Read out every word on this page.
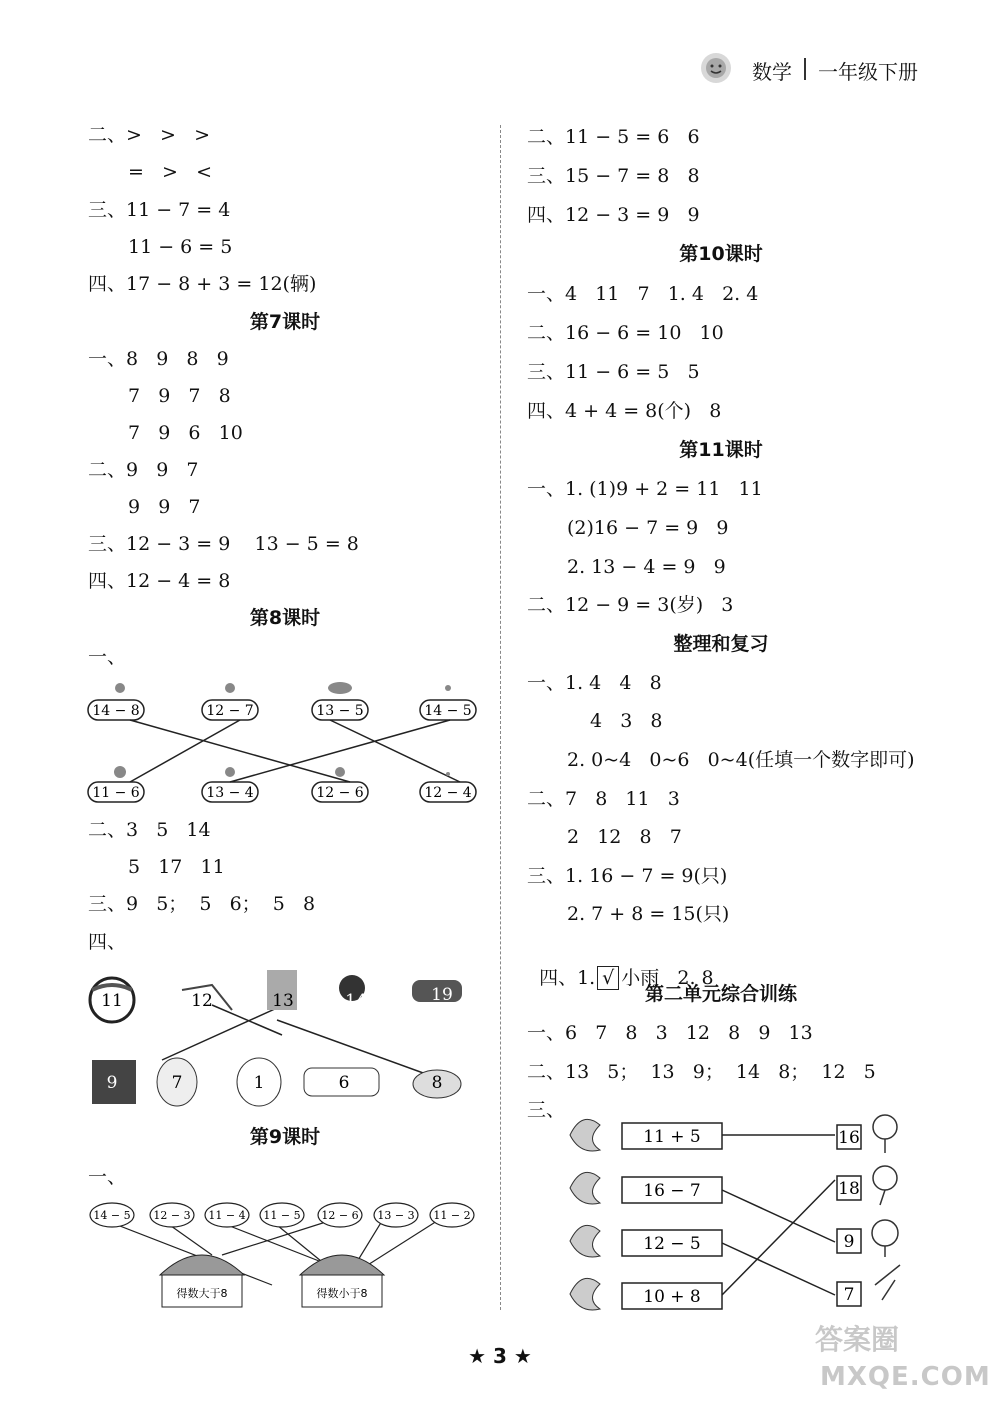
数学 一年级下册
二、>   >   >
=   >   <
三、11 − 7 = 4
11 − 6 = 5
四、17 − 8 + 3 = 12(辆)
第7课时
一、8   9   8   9
7   9   7   8
7   9   6   10
二、9   9   7
9   9   7
三、12 − 3 = 9    13 − 5 = 8
四、12 − 4 = 8
第8课时
一、
14 − 8	12 − 7	13 − 5	14 − 5
11 − 6	13 − 4	12 − 6	12 − 4
二、3   5   14
5   17   11
三、9   5；  5   6；  5   8
四、
11	12	13	14	19
9	7	1	6	8
第9课时
一、
14 − 5 12 − 3 11 − 4 11 − 5 12 − 6 13 − 3 11 − 2
得数大于8	得数小于8
二、11 − 5 = 6   6
三、15 − 7 = 8   8
四、12 − 3 = 9   9
第10课时
一、4   11   7   1. 4   2. 4
二、16 − 6 = 10   10
三、11 − 6 = 5   5
四、4 + 4 = 8(个)   8
第11课时
一、1. (1)9 + 2 = 11   11
(2)16 − 7 = 9   9
2. 13 − 4 = 9   9
二、12 − 9 = 3(岁)   3
整理和复习
一、1. 4   4   8
4   3   8
2. 0~4   0~6   0~4(任填一个数字即可)
二、7   8   11   3
2   12   8   7
三、1. 16 − 7 = 9(只)
2. 7 + 8 = 15(只)

四、1. √ 小雨   2. 8

第二单元综合训练
一、6   7   8   3   12   8   9   13
二、13   5；  13   9；  14   8；  12   5
三、
11 + 5
16 − 7
12 − 5
10 + 8
16
18
9
7
★ 3 ★	答案圈
MXQE.COM
